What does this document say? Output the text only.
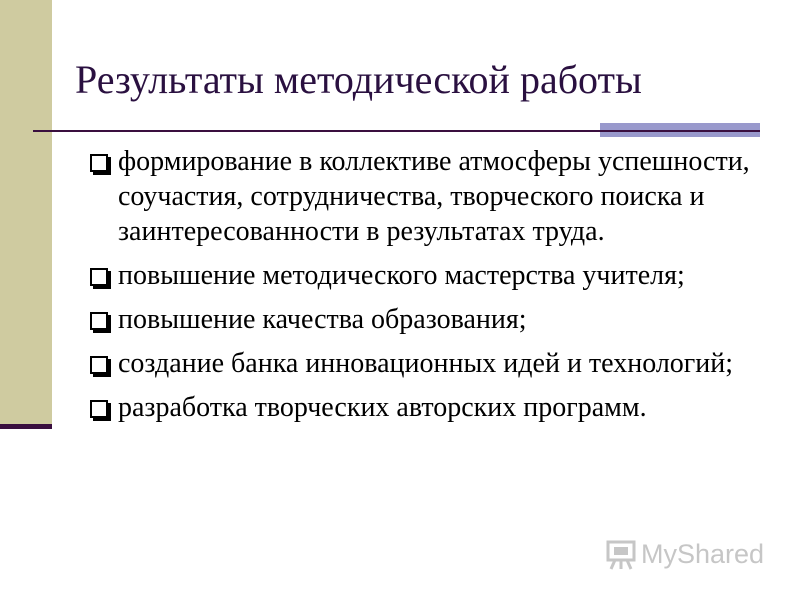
Результаты методической работы
формирование в коллективе атмосферы успешности, соучастия, сотрудничества, творческого поиска и заинтересованности в результатах труда.
повышение методического мастерства учителя;
повышение качества образования;
создание банка инновационных идей и технологий;
разработка творческих авторских программ.
MyShared
